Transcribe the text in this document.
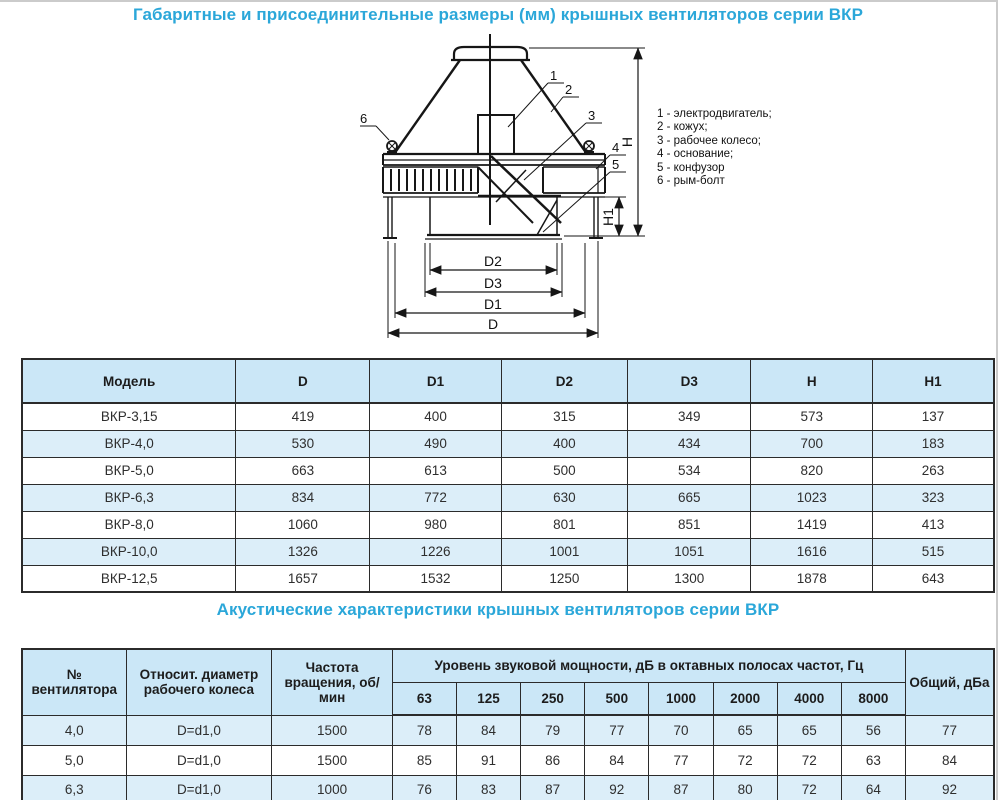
Габаритные и присоединительные размеры (мм) крышных вентиляторов серии ВКР
H
H1
D2
D3
D1
D
1
2
3
4
5
6	1 - электродвигатель;
2 - кожух;
3 - рабочее колесо;
4 - основание;
5 - конфузор
6 - рым-болт
Модель	D	D1	D2	D3	H	H1
ВКР-3,15	419	400	315	349	573	137
ВКР-4,0	530	490	400	434	700	183
ВКР-5,0	663	613	500	534	820	263
ВКР-6,3	834	772	630	665	1023	323
ВКР-8,0	1060	980	801	851	1419	413
ВКР-10,0	1326	1226	1001	1051	1616	515
ВКР-12,5	1657	1532	1250	1300	1878	643
Акустические характеристики крышных вентиляторов серии ВКР
№ вентилятора	Относит. диаметр рабочего колеса	Частота вращения, об/мин	Уровень звуковой мощности, дБ в октавных полосах частот, Гц								Общий, дБа
			63	125	250	500	1000	2000	4000	8000	
4,0	D=d1,0	1500	78	84	79	77	70	65	65	56	77
5,0	D=d1,0	1500	85	91	86	84	77	72	72	63	84
6,3	D=d1,0	1000	76	83	87	92	87	80	72	64	92
